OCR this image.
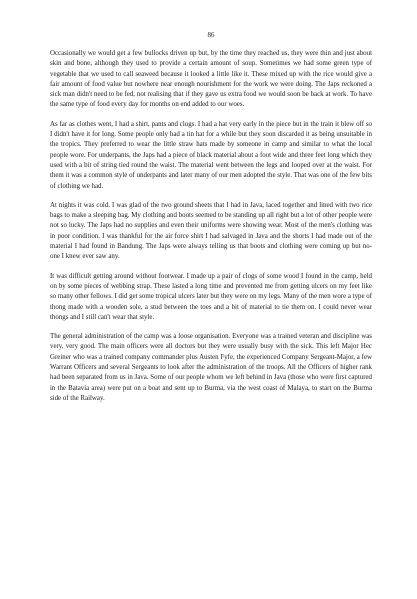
86

Occasionally we would get a few bullocks driven up but, by the time they reached us, they were thin and just about skin and bone, although they used to provide a certain amount of soup. Sometimes we had some green type of vegetable that we used to call seaweed because it looked a little like it. These mixed up with the rice would give a fair amount of food value but nowhere near enough nourishment for the work we were doing. The Japs reckoned a sick man didn't need to be fed, not realising that if they gave us extra food we would soon be back at work. To have the same type of food every day for months on end added to our woes.

As far as clothes went, I had a shirt, pants and clogs. I had a hat very early in the piece but in the train it blew off so I didn't have it for long. Some people only had a tin hat for a while but they soon discarded it as being unsuitable in the tropics. They preferred to wear the little straw hats made by someone in camp and similar to what the local people wore. For underpants, the Japs had a piece of black material about a foot wide and three feet long which they used with a bit of string tied round the waist. The material went between the legs and looped over at the waist. For them it was a common style of underpants and later many of our men adopted the style. That was one of the few bits of clothing we had.

At nights it was cold. I was glad of the two ground sheets that I had in Java, laced together and lined with two rice bags to make a sleeping bag. My clothing and boots seemed to be standing up all right but a lot of other people were not so lucky. The Japs had no supplies and even their uniforms were showing wear. Most of the men's clothing was in poor condition. I was thankful for the air force shirt I had salvaged in Java and the shorts I had made out of the material I had found in Bandung. The Japs were always telling us that boots and clothing were coming up but no-one I knew ever saw any.

It was difficult getting around without footwear. I made up a pair of clogs of some wood I found in the camp, held on by some pieces of webbing strap. These lasted a long time and prevented me from getting ulcers on my feet like so many other fellows. I did get some tropical ulcers later but they were on my legs. Many of the men wore a type of thong made with a wooden sole, a stud between the toes and a bit of material to tie them on. I could never wear thongs and I still can't wear that style.

The general administration of the camp was a loose organisation. Everyone was a trained veteran and discipline was very, very good. The main officers were all doctors but they were usually busy with the sick. This left Major Hec Greiner who was a trained company commander plus Austen Fyfe, the experienced Company Sergeant-Major, a few Warrant Officers and several Sergeants to look after the administration of the troops. All the Officers of higher rank had been separated from us in Java. Some of our people whom we left behind in Java (those who were first captured in the Batavia area) were put on a boat and sent up to Burma, via the west coast of Malaya, to start on the Burma side of the Railway.
